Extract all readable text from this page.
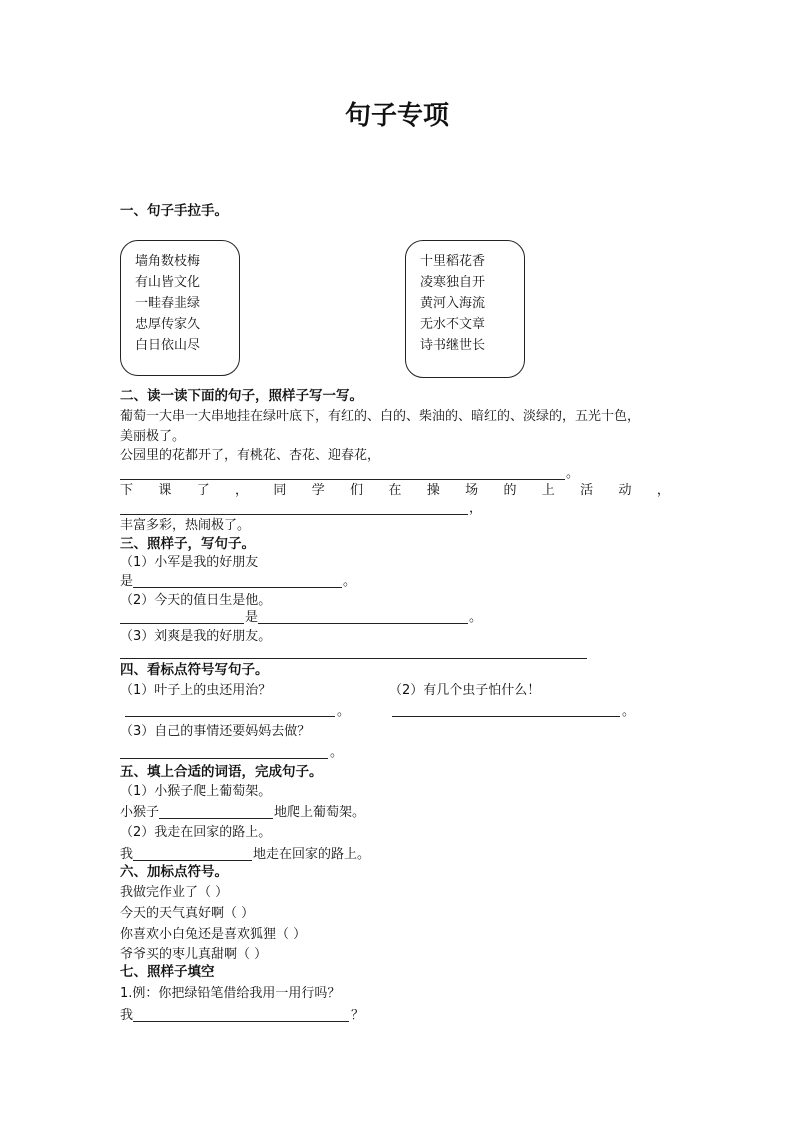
句子专项
一、句子手拉手。
墙角数枝梅
有山皆文化
一畦春韭绿
忠厚传家久
白日依山尽
十里稻花香
凌寒独自开
黄河入海流
无水不文章
诗书继世长
二、读一读下面的句子，照样子写一写。
葡萄一大串一大串地挂在绿叶底下，有红的、白的、柴油的、暗红的、淡绿的，五光十色，
美丽极了。
公园里的花都开了，有桃花、杏花、迎春花，
。
下 课 了 ， 同 学 们 在 操 场 的 上 活 动 ，
，
丰富多彩，热闹极了。
三、照样子，写句子。
（1）小军是我的好朋友
是	。
（2）今天的值日生是他。
是	。
（3）刘爽是我的好朋友。
四、看标点符号写句子。
（1）叶子上的虫还用治？	（2）有几个虫子怕什么！
。	。
（3）自己的事情还要妈妈去做？
。
五、填上合适的词语，完成句子。
（1）小猴子爬上葡萄架。
小猴子	地爬上葡萄架。
（2）我走在回家的路上。
我	地走在回家的路上。
六、加标点符号。
我做完作业了（ ）
今天的天气真好啊（ ）
你喜欢小白兔还是喜欢狐狸（ ）
爷爷买的枣儿真甜啊（ ）
七、照样子填空
1.例：你把绿铅笔借给我用一用行吗？
我	？
